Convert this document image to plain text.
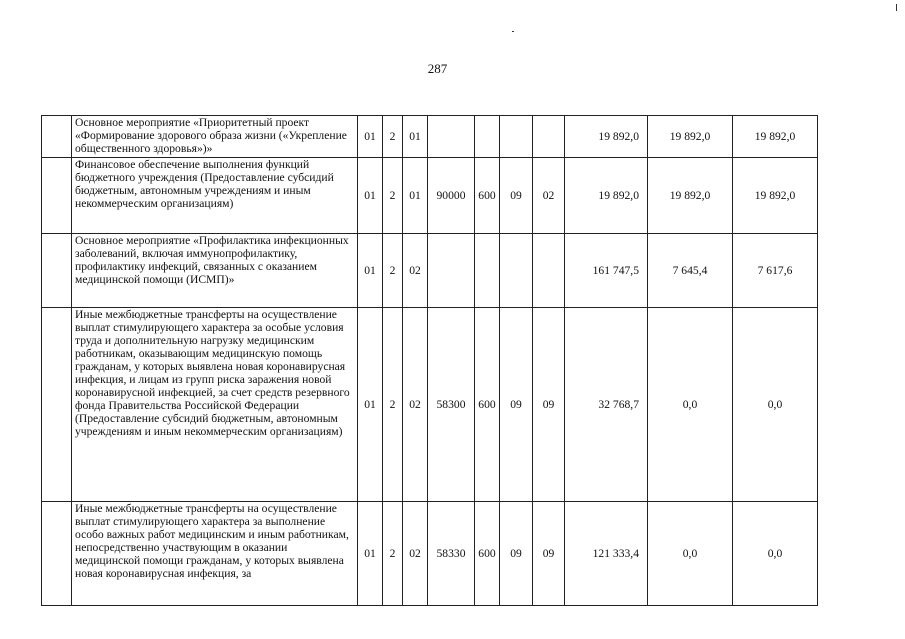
287
	Основное мероприятие «Приоритетный проект «Формирование здорового образа жизни («Укрепление общественного здоровья»)»	01	2	01					19 892,0	19 892,0	19 892,0
	Финансовое обеспечение выполнения функций бюджетного учреждения (Предоставление субсидий бюджетным, автономным учреждениям и иным некоммерческим организациям)	01	2	01	90000	600	09	02	19 892,0	19 892,0	19 892,0
	Основное мероприятие «Профилактика инфекционных заболеваний, включая иммунопрофилактику, профилактику инфекций, связанных с оказанием медицинской помощи (ИСМП)»	01	2	02					161 747,5	7 645,4	7 617,6
	Иные межбюджетные трансферты на осуществление выплат стимулирующего характера за особые условия труда и дополнительную нагрузку медицинским работникам, оказывающим медицинскую помощь гражданам, у которых выявлена новая коронавирусная инфекция, и лицам из групп риска заражения новой коронавирусной инфекцией, за счет средств резервного фонда Правительства Российской Федерации (Предоставление субсидий бюджетным, автономным учреждениям и иным некоммерческим организациям)	01	2	02	58300	600	09	09	32 768,7	0,0	0,0
	Иные межбюджетные трансферты на осуществление выплат стимулирующего характера за выполнение особо важных работ медицинским и иным работникам, непосредственно участвующим в оказании медицинской помощи гражданам, у которых выявлена новая коронавирусная инфекция, за	01	2	02	58330	600	09	09	121 333,4	0,0	0,0
